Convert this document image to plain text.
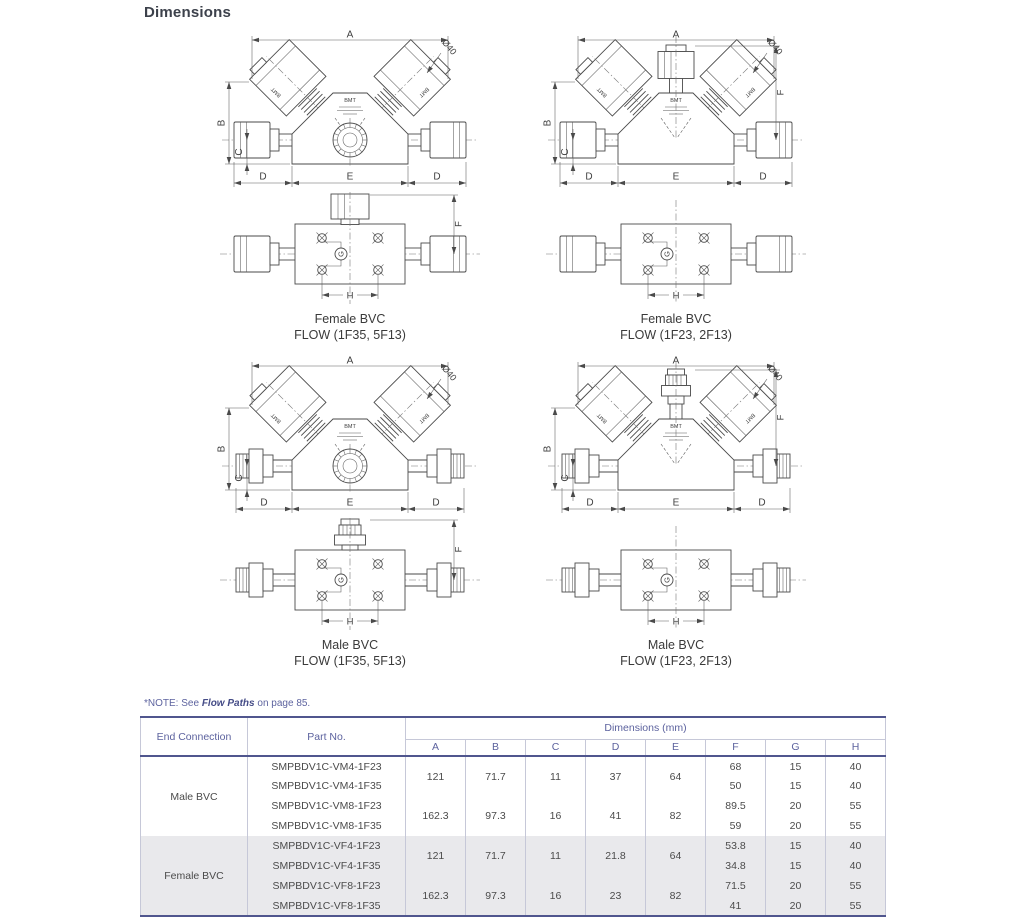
Dimensions
BMT	BMT
BMT
A
Ø40
B
C
D	E	D
G
F
H
Female BVC
FLOW (1F35, 5F13)
BMT	BMT
BMT
F
A
Ø40
B
C
D	E	D
G
H
Female BVC
FLOW (1F23, 2F13)
BMT	BMT
BMT
A
Ø40
B
C
D	E	D
G
F
H
Male BVC
FLOW (1F35, 5F13)
BMT	BMT
BMT
F
A
Ø40
B
C
D	E	D
G
H
Male BVC
FLOW (1F23, 2F13)
*NOTE: See Flow Paths on page 85.
End Connection	Part No.	Dimensions (mm)							
		A	B	C	D	E	F	G	H
Male BVC	SMPBDV1C-VM4-1F23	121	71.7	11	37	64	68	15	40
	SMPBDV1C-VM4-1F35						50	15	40
	SMPBDV1C-VM8-1F23	162.3	97.3	16	41	82	89.5	20	55
	SMPBDV1C-VM8-1F35						59	20	55
Female BVC	SMPBDV1C-VF4-1F23	121	71.7	11	21.8	64	53.8	15	40
	SMPBDV1C-VF4-1F35						34.8	15	40
	SMPBDV1C-VF8-1F23	162.3	97.3	16	23	82	71.5	20	55
	SMPBDV1C-VF8-1F35						41	20	55
